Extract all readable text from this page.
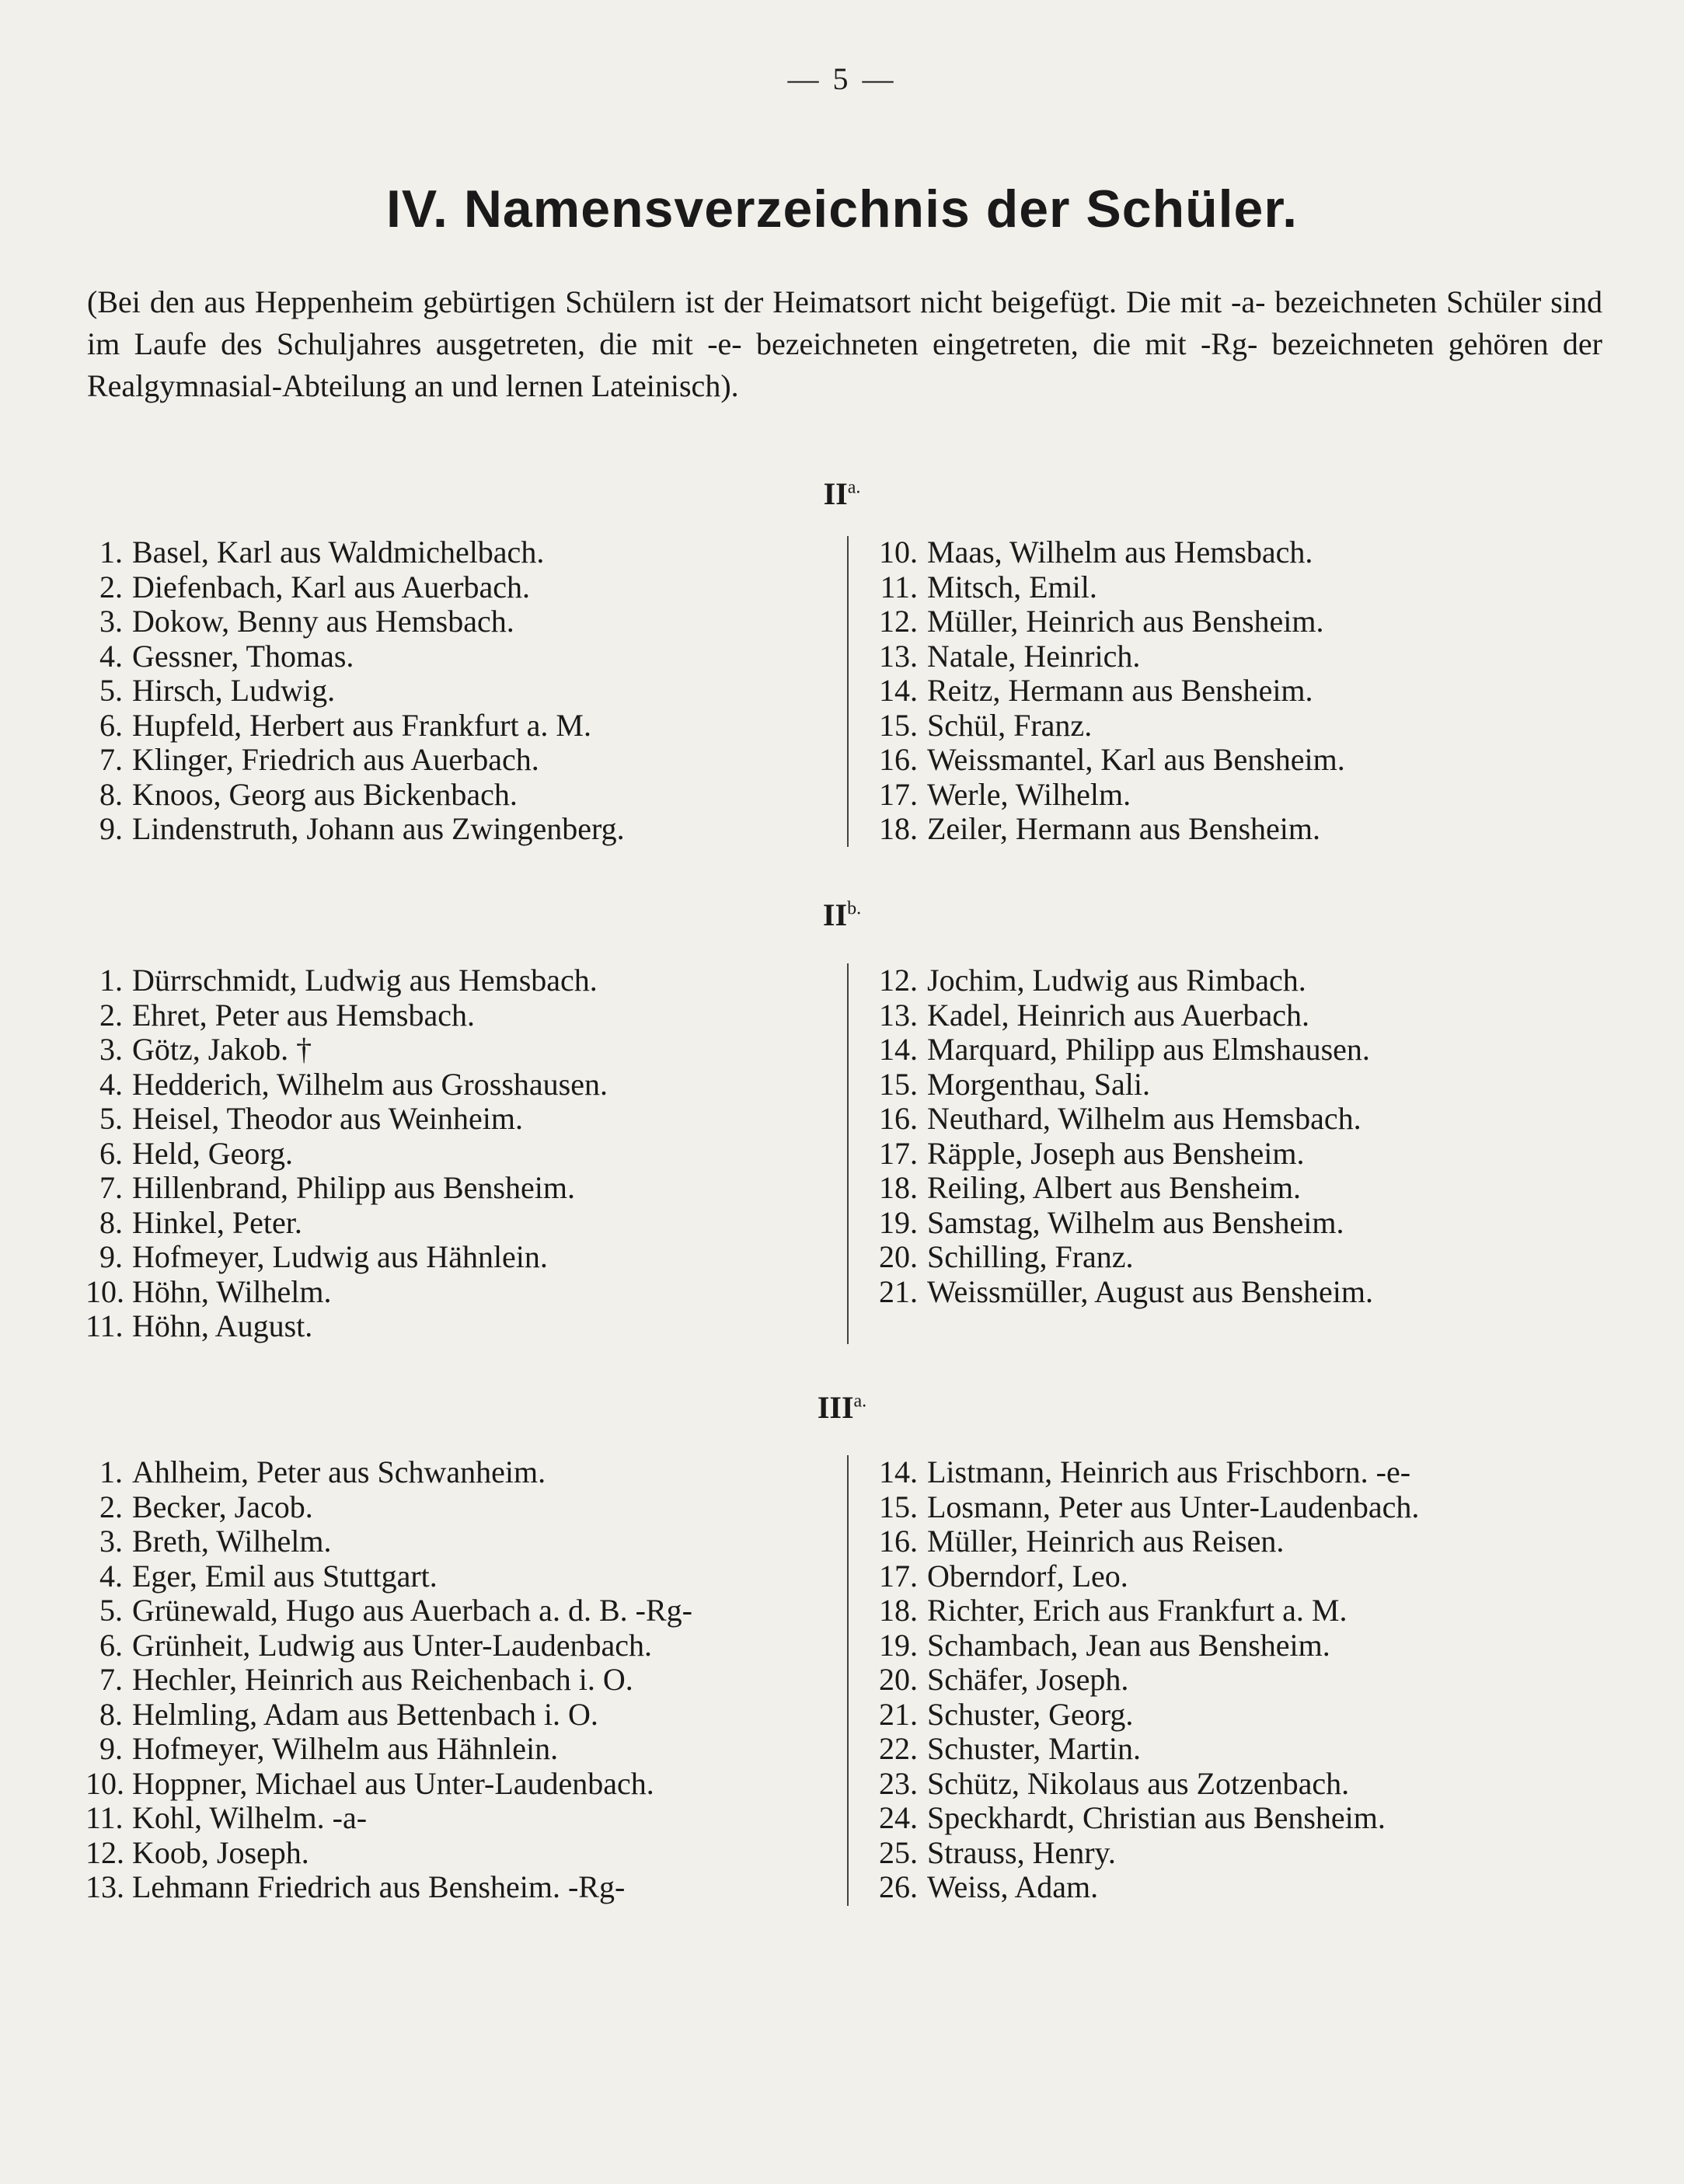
— 5 —
IV. Namensverzeichnis der Schüler.
(Bei den aus Heppenheim gebürtigen Schülern ist der Heimatsort nicht beigefügt. Die mit -a- bezeichneten Schüler sind im Laufe des Schuljahres ausgetreten, die mit -e- bezeichneten eingetreten, die mit -Rg- bezeichneten gehören der Realgymnasial-Abteilung an und lernen Lateinisch).
$II^{a.}$
1. Basel, Karl aus Waldmichelbach.
2. Diefenbach, Karl aus Auerbach.
3. Dokow, Benny aus Hemsbach.
4. Gessner, Thomas.
5. Hirsch, Ludwig.
6. Hupfeld, Herbert aus Frankfurt a. M.
7. Klinger, Friedrich aus Auerbach.
8. Knoos, Georg aus Bickenbach.
9. Lindenstruth, Johann aus Zwingenberg.
10. Maas, Wilhelm aus Hemsbach.
11. Mitsch, Emil.
12. Müller, Heinrich aus Bensheim.
13. Natale, Heinrich.
14. Reitz, Hermann aus Bensheim.
15. Schül, Franz.
16. Weissmantel, Karl aus Bensheim.
17. Werle, Wilhelm.
18. Zeiler, Hermann aus Bensheim.
$II^{b.}$
1. Dürrschmidt, Ludwig aus Hemsbach.
2. Ehret, Peter aus Hemsbach.
3. Götz, Jakob. †
4. Hedderich, Wilhelm aus Grosshausen.
5. Heisel, Theodor aus Weinheim.
6. Held, Georg.
7. Hillenbrand, Philipp aus Bensheim.
8. Hinkel, Peter.
9. Hofmeyer, Ludwig aus Hähnlein.
10. Höhn, Wilhelm.
11. Höhn, August.
12. Jochim, Ludwig aus Rimbach.
13. Kadel, Heinrich aus Auerbach.
14. Marquard, Philipp aus Elmshausen.
15. Morgenthau, Sali.
16. Neuthard, Wilhelm aus Hemsbach.
17. Räpple, Joseph aus Bensheim.
18. Reiling, Albert aus Bensheim.
19. Samstag, Wilhelm aus Bensheim.
20. Schilling, Franz.
21. Weissmüller, August aus Bensheim.
$III^{a.}$
1. Ahlheim, Peter aus Schwanheim.
2. Becker, Jacob.
3. Breth, Wilhelm.
4. Eger, Emil aus Stuttgart.
5. Grünewald, Hugo aus Auerbach a. d. B. -Rg-
6. Grünheit, Ludwig aus Unter-Laudenbach.
7. Hechler, Heinrich aus Reichenbach i. O.
8. Helmling, Adam aus Bettenbach i. O.
9. Hofmeyer, Wilhelm aus Hähnlein.
10. Hoppner, Michael aus Unter-Laudenbach.
11. Kohl, Wilhelm. -a-
12. Koob, Joseph.
13. Lehmann Friedrich aus Bensheim. -Rg-
14. Listmann, Heinrich aus Frischborn. -e-
15. Losmann, Peter aus Unter-Laudenbach.
16. Müller, Heinrich aus Reisen.
17. Oberndorf, Leo.
18. Richter, Erich aus Frankfurt a. M.
19. Schambach, Jean aus Bensheim.
20. Schäfer, Joseph.
21. Schuster, Georg.
22. Schuster, Martin.
23. Schütz, Nikolaus aus Zotzenbach.
24. Speckhardt, Christian aus Bensheim.
25. Strauss, Henry.
26. Weiss, Adam.
